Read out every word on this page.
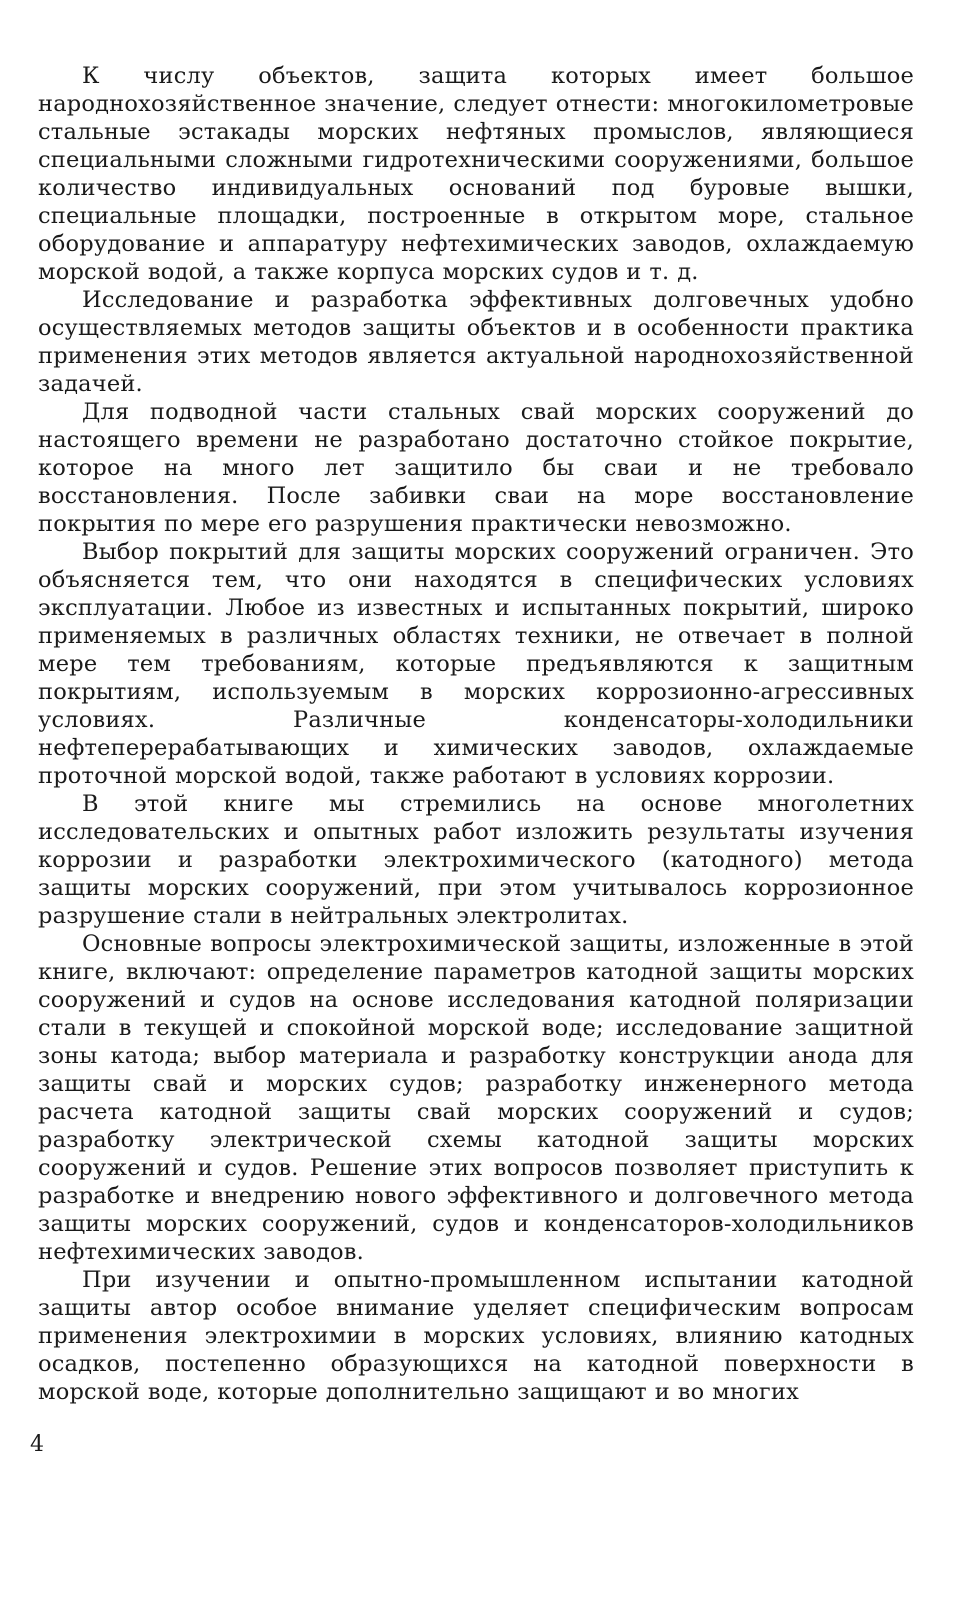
К числу объектов, защита которых имеет большое народнохозяйственное значение, следует отнести: многокилометровые стальные эстакады морских нефтяных промыслов, являющиеся специальными сложными гидротехническими сооружениями, большое количество индивидуальных оснований под буровые вышки, специальные площадки, построенные в открытом море, стальное оборудование и аппаратуру нефтехимических заводов, охлаждаемую морской водой, а также корпуса морских судов и т. д.

Исследование и разработка эффективных долговечных удобно осуществляемых методов защиты объектов и в особенности практика применения этих методов является актуальной народнохозяйственной задачей.

Для подводной части стальных свай морских сооружений до настоящего времени не разработано достаточно стойкое покрытие, которое на много лет защитило бы сваи и не требовало восстановления. После забивки сваи на море восстановление покрытия по мере его разрушения практически невозможно.

Выбор покрытий для защиты морских сооружений ограничен. Это объясняется тем, что они находятся в специфических условиях эксплуатации. Любое из известных и испытанных покрытий, широко применяемых в различных областях техники, не отвечает в полной мере тем требованиям, которые предъявляются к защитным покрытиям, используемым в морских коррозионно-агрессивных условиях. Различные конденсаторы-холодильники нефтеперерабатывающих и химических заводов, охлаждаемые проточной морской водой, также работают в условиях коррозии.

В этой книге мы стремились на основе многолетних исследовательских и опытных работ изложить результаты изучения коррозии и разработки электрохимического (катодного) метода защиты морских сооружений, при этом учитывалось коррозионное разрушение стали в нейтральных электролитах.

Основные вопросы электрохимической защиты, изложенные в этой книге, включают: определение параметров катодной защиты морских сооружений и судов на основе исследования катодной поляризации стали в текущей и спокойной морской воде; исследование защитной зоны катода; выбор материала и разработку конструкции анода для защиты свай и морских судов; разработку инженерного метода расчета катодной защиты свай морских сооружений и судов; разработку электрической схемы катодной защиты морских сооружений и судов. Решение этих вопросов позволяет приступить к разработке и внедрению нового эффективного и долговечного метода защиты морских сооружений, судов и конденсаторов-холодильников нефтехимических заводов.

При изучении и опытно-промышленном испытании катодной защиты автор особое внимание уделяет специфическим вопросам применения электрохимии в морских условиях, влиянию катодных осадков, постепенно образующихся на катодной поверхности в морской воде, которые дополнительно защищают и во многих

4
